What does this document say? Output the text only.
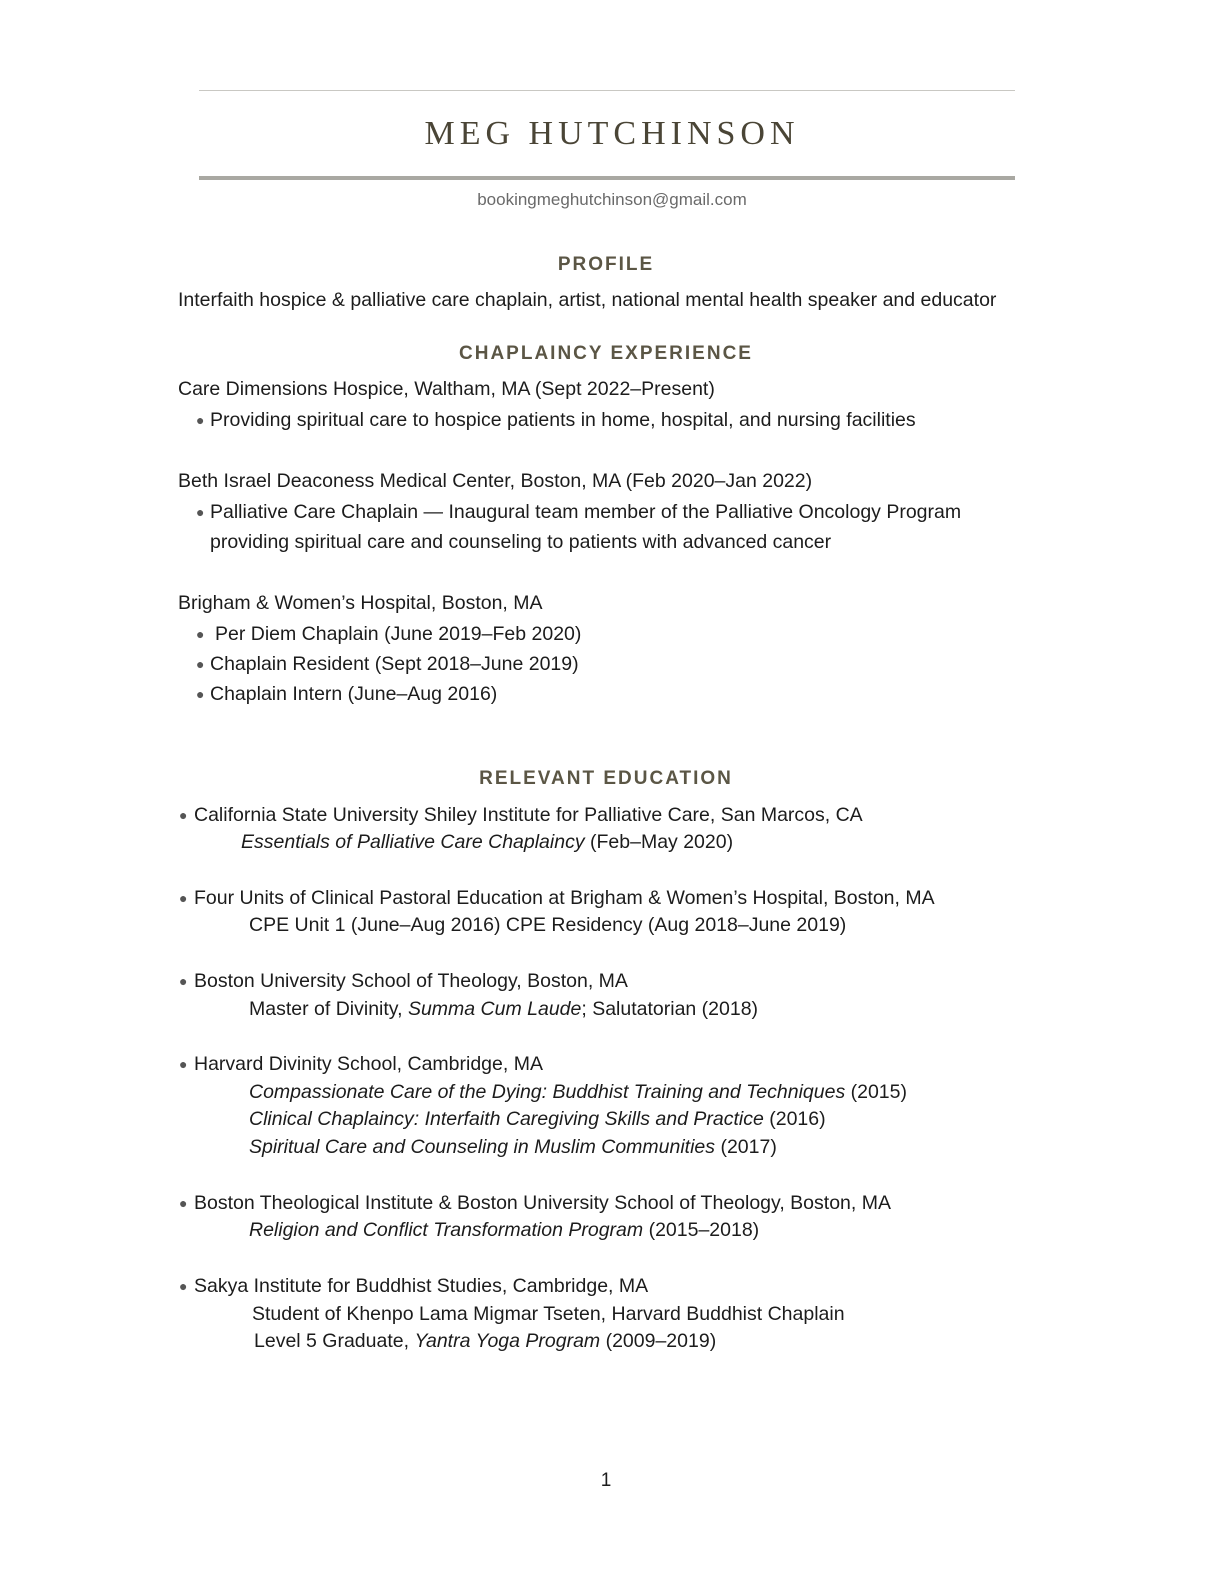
MEG HUTCHINSON
bookingmeghutchinson@gmail.com
PROFILE
Interfaith hospice & palliative care chaplain, artist, national mental health speaker and educator
CHAPLAINCY EXPERIENCE
Care Dimensions Hospice, Waltham, MA (Sept 2022–Present)
● Providing spiritual care to hospice patients in home, hospital, and nursing facilities
Beth Israel Deaconess Medical Center, Boston, MA (Feb 2020–Jan 2022)
● Palliative Care Chaplain — Inaugural team member of the Palliative Oncology Program
providing spiritual care and counseling to patients with advanced cancer
Brigham & Women’s Hospital, Boston, MA
● Per Diem Chaplain (June 2019–Feb 2020)
● Chaplain Resident (Sept 2018–June 2019)
● Chaplain Intern (June–Aug 2016)
RELEVANT EDUCATION
● California State University Shiley Institute for Palliative Care, San Marcos, CA
Essentials of Palliative Care Chaplaincy (Feb–May 2020)
● Four Units of Clinical Pastoral Education at Brigham & Women’s Hospital, Boston, MA
CPE Unit 1 (June–Aug 2016) CPE Residency (Aug 2018–June 2019)
● Boston University School of Theology, Boston, MA
Master of Divinity, Summa Cum Laude; Salutatorian (2018)
● Harvard Divinity School, Cambridge, MA
Compassionate Care of the Dying: Buddhist Training and Techniques (2015)
Clinical Chaplaincy: Interfaith Caregiving Skills and Practice (2016)
Spiritual Care and Counseling in Muslim Communities (2017)
● Boston Theological Institute & Boston University School of Theology, Boston, MA
Religion and Conflict Transformation Program (2015–2018)
● Sakya Institute for Buddhist Studies, Cambridge, MA
Student of Khenpo Lama Migmar Tseten, Harvard Buddhist Chaplain
Level 5 Graduate, Yantra Yoga Program (2009–2019)
1
